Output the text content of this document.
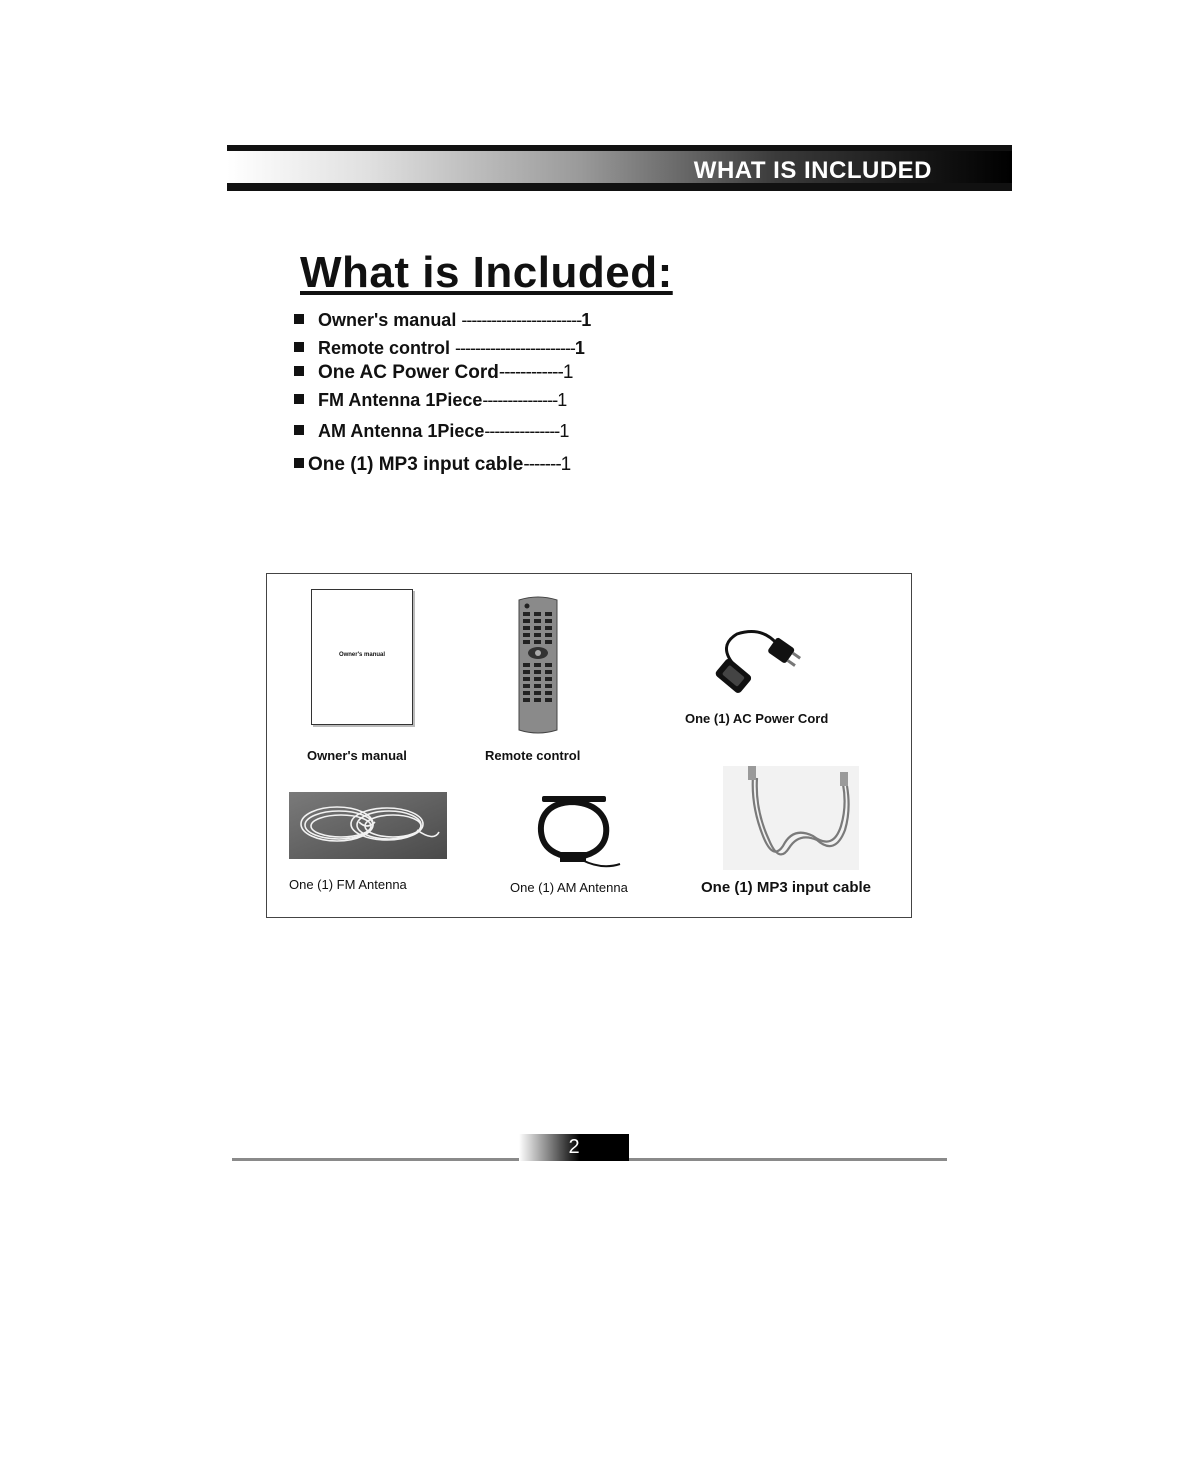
WHAT IS INCLUDED
What is Included:
Owner's manual ------------------------1
Remote control ------------------------1
One AC Power Cord------------1
FM Antenna 1Piece---------------1
AM Antenna 1Piece---------------1
One (1) MP3 input cable-------1
Owner's manual
Owner's manual	Remote control
One (1) AC Power Cord
One (1) FM Antenna	One (1) AM Antenna	One (1) MP3 input cable
2
